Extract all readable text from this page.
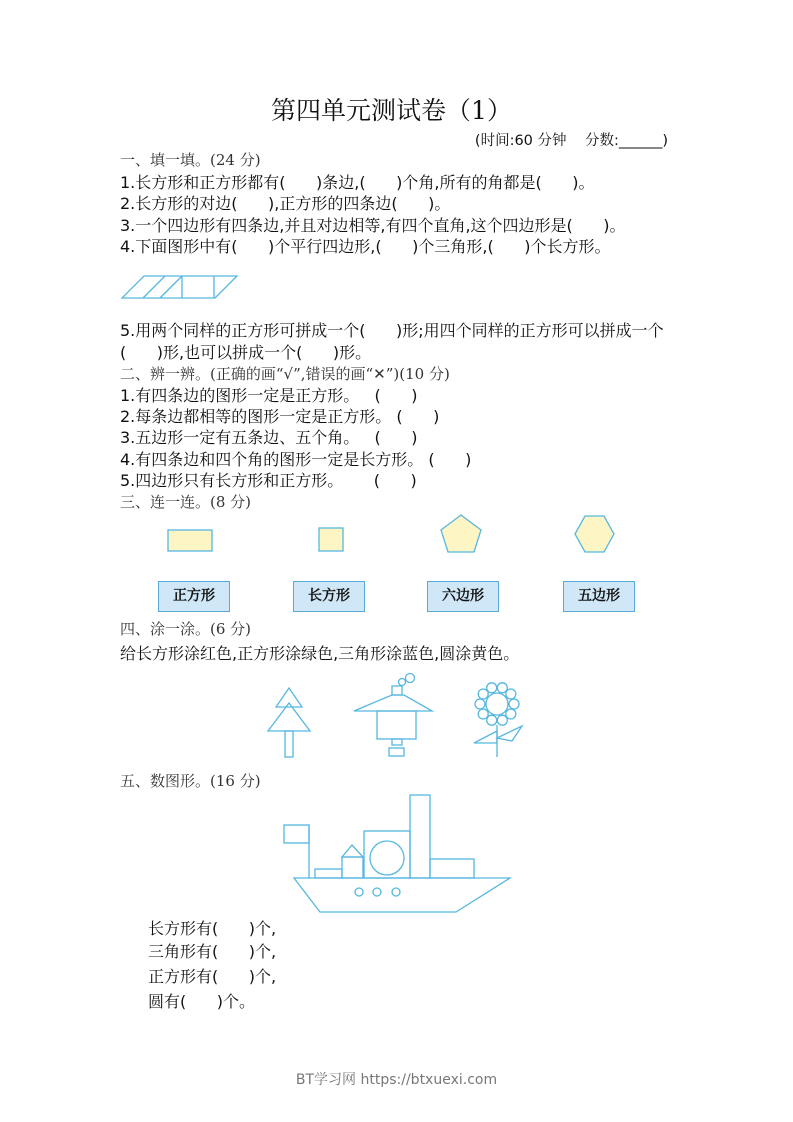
第四单元测试卷（1）
(时间:60 分钟    分数:______)
一、填一填。(24 分)
1.长方形和正方形都有(      )条边,(      )个角,所有的角都是(      )。
2.长方形的对边(      ),正方形的四条边(      )。
3.一个四边形有四条边,并且对边相等,有四个直角,这个四边形是(      )。
4.下面图形中有(      )个平行四边形,(      )个三角形,(      )个长方形。
5.用两个同样的正方形可拼成一个(      )形;用四个同样的正方形可以拼成一个
(      )形,也可以拼成一个(      )形。
二、辨一辨。(正确的画“√”,错误的画“✕”)(10 分)
1.有四条边的图形一定是正方形。   (      )
2.每条边都相等的图形一定是正方形。 (      )
3.五边形一定有五条边、五个角。   (      )
4.有四条边和四个角的图形一定是长方形。 (      )
5.四边形只有长方形和正方形。      (      )
三、连一连。(8 分)
正方形	长方形	六边形	五边形
四、涂一涂。(6 分)
给长方形涂红色,正方形涂绿色,三角形涂蓝色,圆涂黄色。
五、数图形。(16 分)
长方形有(      )个,
三角形有(      )个,
正方形有(      )个,
圆有(      )个。
BT学习网 https://btxuexi.com
